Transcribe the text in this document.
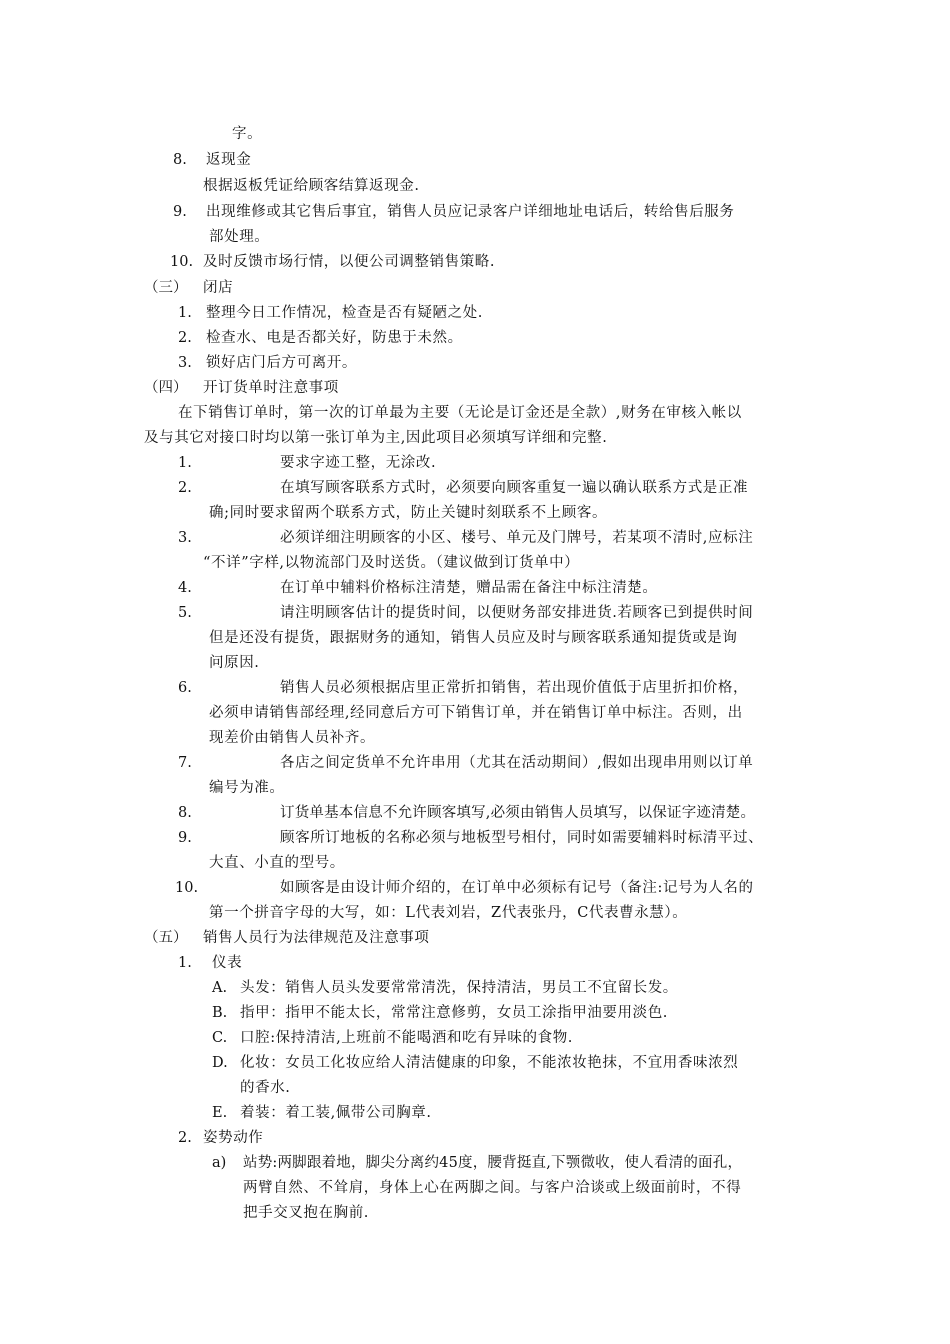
字。
8. 返现金
根据返板凭证给顾客结算返现金.
9. 出现维修或其它售后事宜，销售人员应记录客户详细地址电话后，转给售后服务
部处理。
10. 及时反馈市场行情，以便公司调整销售策略.
（三） 闭店
1. 整理今日工作情况，检查是否有疑陋之处.
2. 检查水、电是否都关好，防患于未然。
3. 锁好店门后方可离开。
（四） 开订货单时注意事项
在下销售订单时，第一次的订单最为主要（无论是订金还是全款）,财务在审核入帐以
及与其它对接口时均以第一张订单为主,因此项目必须填写详细和完整.
1.	要求字迹工整，无涂改.
2.	在填写顾客联系方式时，必须要向顾客重复一遍以确认联系方式是正准
确;同时要求留两个联系方式，防止关键时刻联系不上顾客。
3.	必须详细注明顾客的小区、楼号、单元及门牌号，若某项不清时,应标注
“不详”字样,以物流部门及时送货。（建议做到订货单中）
4.	在订单中辅料价格标注清楚，赠品需在备注中标注清楚。
5.	请注明顾客估计的提货时间，以便财务部安排进货.若顾客已到提供时间
但是还没有提货，跟据财务的通知，销售人员应及时与顾客联系通知提货或是询
问原因.
6.	销售人员必须根据店里正常折扣销售，若出现价值低于店里折扣价格，
必须申请销售部经理,经同意后方可下销售订单，并在销售订单中标注。否则，出
现差价由销售人员补齐。
7.	各店之间定货单不允许串用（尤其在活动期间）,假如出现串用则以订单
编号为准。
8.	订货单基本信息不允许顾客填写,必须由销售人员填写，以保证字迹清楚。
9.	顾客所订地板的名称必须与地板型号相付，同时如需要辅料时标清平过、
大直、小直的型号。
10.	如顾客是由设计师介绍的，在订单中必须标有记号（备注:记号为人名的
第一个拼音字母的大写，如：L代表刘岩，Z代表张丹，C代表曹永慧）。
（五） 销售人员行为法律规范及注意事项
1. 仪表
A. 头发：销售人员头发要常常清洗，保持清洁，男员工不宜留长发。
B. 指甲：指甲不能太长，常常注意修剪，女员工涂指甲油要用淡色.
C. 口腔:保持清洁,上班前不能喝酒和吃有异味的食物.
D. 化妆：女员工化妆应给人清洁健康的印象，不能浓妆艳抹，不宜用香味浓烈
的香水.
E. 着装：着工装,佩带公司胸章.
2. 姿势动作
a) 站势:两脚跟着地，脚尖分离约45度，腰背挺直,下颚微收，使人看清的面孔，
两臂自然、不耸肩，身体上心在两脚之间。与客户洽谈或上级面前时，不得
把手交叉抱在胸前.
